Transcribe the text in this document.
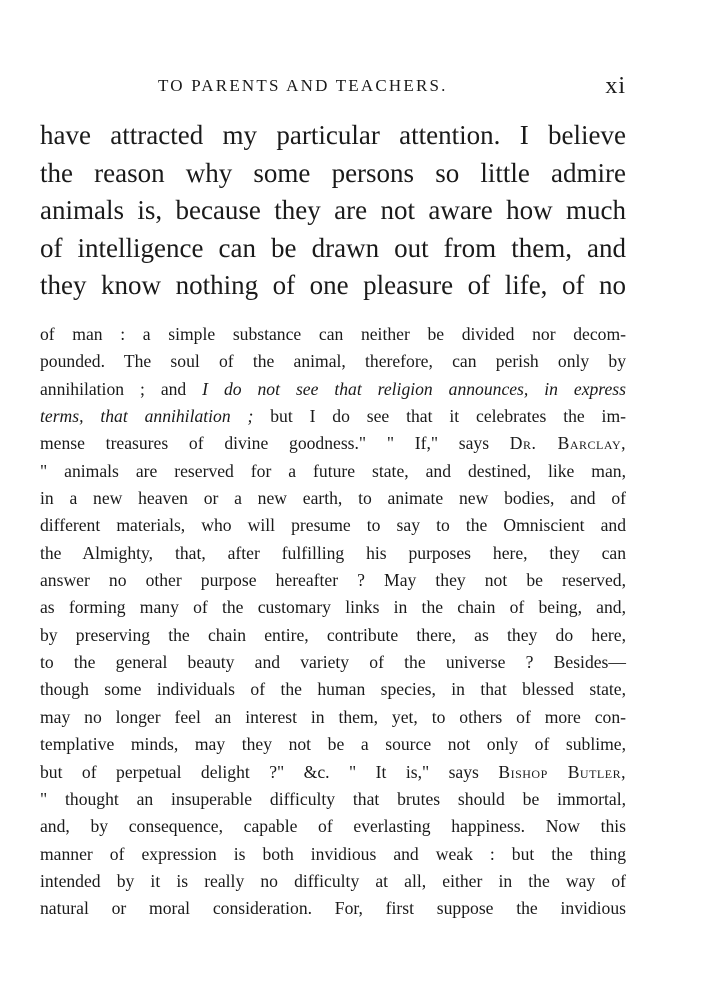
TO PARENTS AND TEACHERS.	xi
have attracted my particular attention. I believe
the reason why some persons so little admire
animals is, because they are not aware how much
of intelligence can be drawn out from them, and
they know nothing of one pleasure of life, of no
of man : a simple substance can neither be divided nor decom-
pounded. The soul of the animal, therefore, can perish only by
annihilation ; and I do not see that religion announces, in express
terms, that annihilation ; but I do see that it celebrates the im-
mense treasures of divine goodness." " If," says Dr. Barclay,
" animals are reserved for a future state, and destined, like man,
in a new heaven or a new earth, to animate new bodies, and of
different materials, who will presume to say to the Omniscient and
the Almighty, that, after fulfilling his purposes here, they can
answer no other purpose hereafter ? May they not be reserved,
as forming many of the customary links in the chain of being, and,
by preserving the chain entire, contribute there, as they do here,
to the general beauty and variety of the universe ? Besides—
though some individuals of the human species, in that blessed state,
may no longer feel an interest in them, yet, to others of more con-
templative minds, may they not be a source not only of sublime,
but of perpetual delight ?" &c. " It is," says Bishop Butler,
" thought an insuperable difficulty that brutes should be immortal,
and, by consequence, capable of everlasting happiness. Now this
manner of expression is both invidious and weak : but the thing
intended by it is really no difficulty at all, either in the way of
natural or moral consideration. For, first suppose the invidious
